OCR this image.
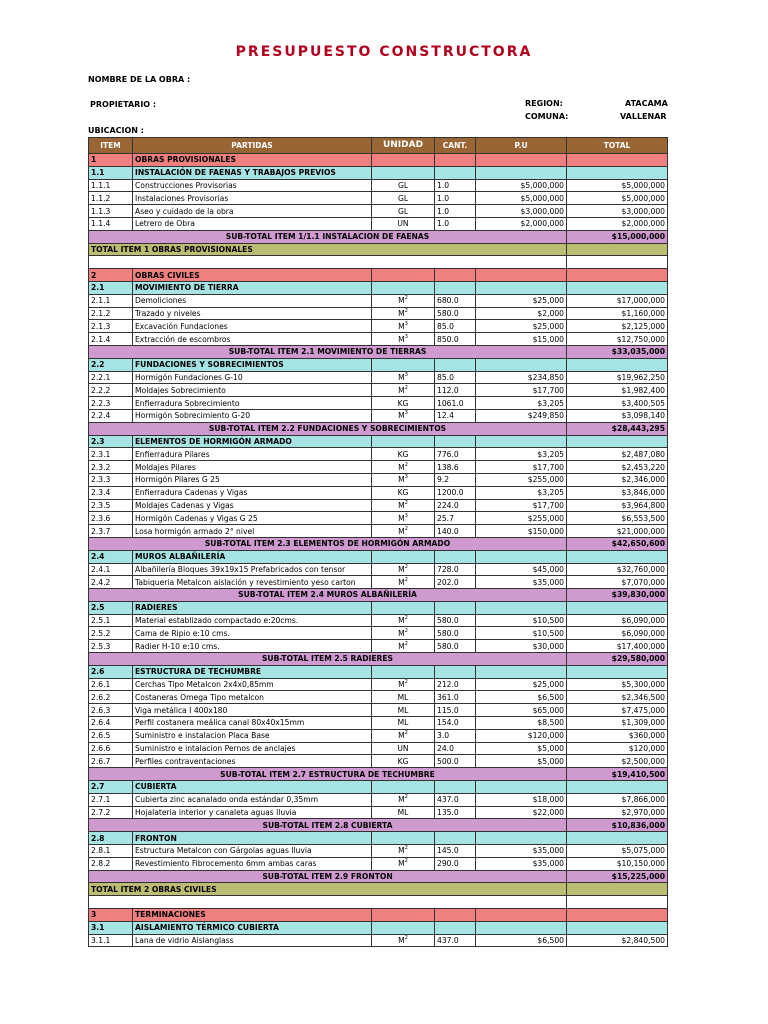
PRESUPUESTO CONSTRUCTORA
NOMBRE DE LA OBRA :
PROPIETARIO :	REGION:	ATACAMA
COMUNA:	VALLENAR
UBICACION :
ITEM	PARTIDAS	UNIDAD	CANT.	P.U	TOTAL
1	OBRAS PROVISIONALES				
1.1	INSTALACIÓN DE FAENAS Y TRABAJOS PREVIOS				
1.1.1	Construcciones Provisorias	GL	1.0	$5,000,000	$5,000,000
1.1.2	Instalaciones Provisorias	GL	1.0	$5,000,000	$5,000,000
1.1.3	Aseo y cuidado de la obra	GL	1.0	$3,000,000	$3,000,000
1.1.4	Letrero de Obra	UN	1.0	$2,000,000	$2,000,000
SUB-TOTAL ITEM 1/1.1 INSTALACION DE FAENAS					$15,000,000
TOTAL ITEM 1 OBRAS PROVISIONALES					

2	OBRAS CIVILES				
2.1	MOVIMIENTO DE TIERRA				
2.1.1	Demoliciones	$M^2$	680.0	$25,000	$17,000,000
2.1.2	Trazado y niveles	$M^2$	580.0	$2,000	$1,160,000
2.1.3	Excavación Fundaciones	$M^3$	85.0	$25,000	$2,125,000
2.1.4	Extracción de escombros	$M^3$	850.0	$15,000	$12,750,000
SUB-TOTAL ITEM 2.1 MOVIMIENTO DE TIERRAS					$33,035,000
2.2	FUNDACIONES Y SOBRECIMIENTOS				
2.2.1	Hormigón Fundaciones G-10	$M^3$	85.0	$234,850	$19,962,250
2.2.2	Moldajes Sobrecimiento	$M^2$	112.0	$17,700	$1,982,400
2.2.3	Enfierradura Sobrecimiento	KG	1061.0	$3,205	$3,400,505
2.2.4	Hormigón Sobrecimiento G-20	$M^3$	12.4	$249,850	$3,098,140
SUB-TOTAL ITEM 2.2 FUNDACIONES Y SOBRECIMIENTOS					$28,443,295
2.3	ELEMENTOS DE HORMIGÓN ARMADO				
2.3.1	Enfierradura Pilares	KG	776.0	$3,205	$2,487,080
2.3.2	Moldajes Pilares	$M^2$	138.6	$17,700	$2,453,220
2.3.3	Hormigón Pilares G 25	$M^3$	9.2	$255,000	$2,346,000
2.3.4	Enfierradura Cadenas y Vigas	KG	1200.0	$3,205	$3,846,000
2.3.5	Moldajes Cadenas y Vigas	$M^2$	224.0	$17,700	$3,964,800
2.3.6	Hormigón Cadenas y Vigas G 25	$M^3$	25.7	$255,000	$6,553,500
2.3.7	Losa hormigón armado 2° nivel	$M^2$	140.0	$150,000	$21,000,000
SUB-TOTAL ITEM 2.3 ELEMENTOS DE HORMIGÓN ARMADO					$42,650,600
2.4	MUROS ALBAÑILERÍA				
2.4.1	Albañilería Bloques 39x19x15 Prefabricados con tensor	$M^2$	728.0	$45,000	$32,760,000
2.4.2	Tabiqueria Metalcon aislación y revestimiento yeso carton	$M^2$	202.0	$35,000	$7,070,000
SUB-TOTAL ITEM 2.4 MUROS ALBAÑILERÍA					$39,830,000
2.5	RADIERES				
2.5.1	Material establizado compactado e:20cms.	$M^2$	580.0	$10,500	$6,090,000
2.5.2	Cama de Ripio e:10 cms.	$M^2$	580.0	$10,500	$6,090,000
2.5.3	Radier H-10 e:10 cms.	$M^2$	580.0	$30,000	$17,400,000
SUB-TOTAL ITEM 2.5 RADIERES					$29,580,000
2.6	ESTRUCTURA DE TECHUMBRE				
2.6.1	Cerchas Tipo Metalcon 2x4x0,85mm	$M^2$	212.0	$25,000	$5,300,000
2.6.2	Costaneras Omega Tipo metalcon	ML	361.0	$6,500	$2,346,500
2.6.3	Viga metálica I 400x180	ML	115.0	$65,000	$7,475,000
2.6.4	Perfil costanera meálica canal 80x40x15mm	ML	154.0	$8,500	$1,309,000
2.6.5	Suministro e instalacion Placa Base	$M^2$	3.0	$120,000	$360,000
2.6.6	Suministro e intalacion Pernos de anclajes	UN	24.0	$5,000	$120,000
2.6.7	Perfiles contraventaciones	KG	500.0	$5,000	$2,500,000
SUB-TOTAL ITEM 2.7 ESTRUCTURA DE TECHUMBRE					$19,410,500
2.7	CUBIERTA				
2.7.1	Cubierta zinc acanalado onda estándar 0,35mm	$M^2$	437.0	$18,000	$7,866,000
2.7.2	Hojalateria interior y canaleta aguas lluvia	ML	135.0	$22,000	$2,970,000
SUB-TOTAL ITEM 2.8 CUBIERTA					$10,836,000
2.8	FRONTON				
2.8.1	Estructura Metalcon con Gárgolas aguas lluvia	$M^2$	145.0	$35,000	$5,075,000
2.8.2	Revestimiento Fibrocemento 6mm ambas caras	$M^2$	290.0	$35,000	$10,150,000
SUB-TOTAL ITEM 2.9 FRONTON					$15,225,000
TOTAL ITEM 2 OBRAS CIVILES					

3	TERMINACIONES				
3.1	AISLAMIENTO TÉRMICO CUBIERTA				
3.1.1	Lana de vidrio Aislanglass	$M^2$	437.0	$6,500	$2,840,500
